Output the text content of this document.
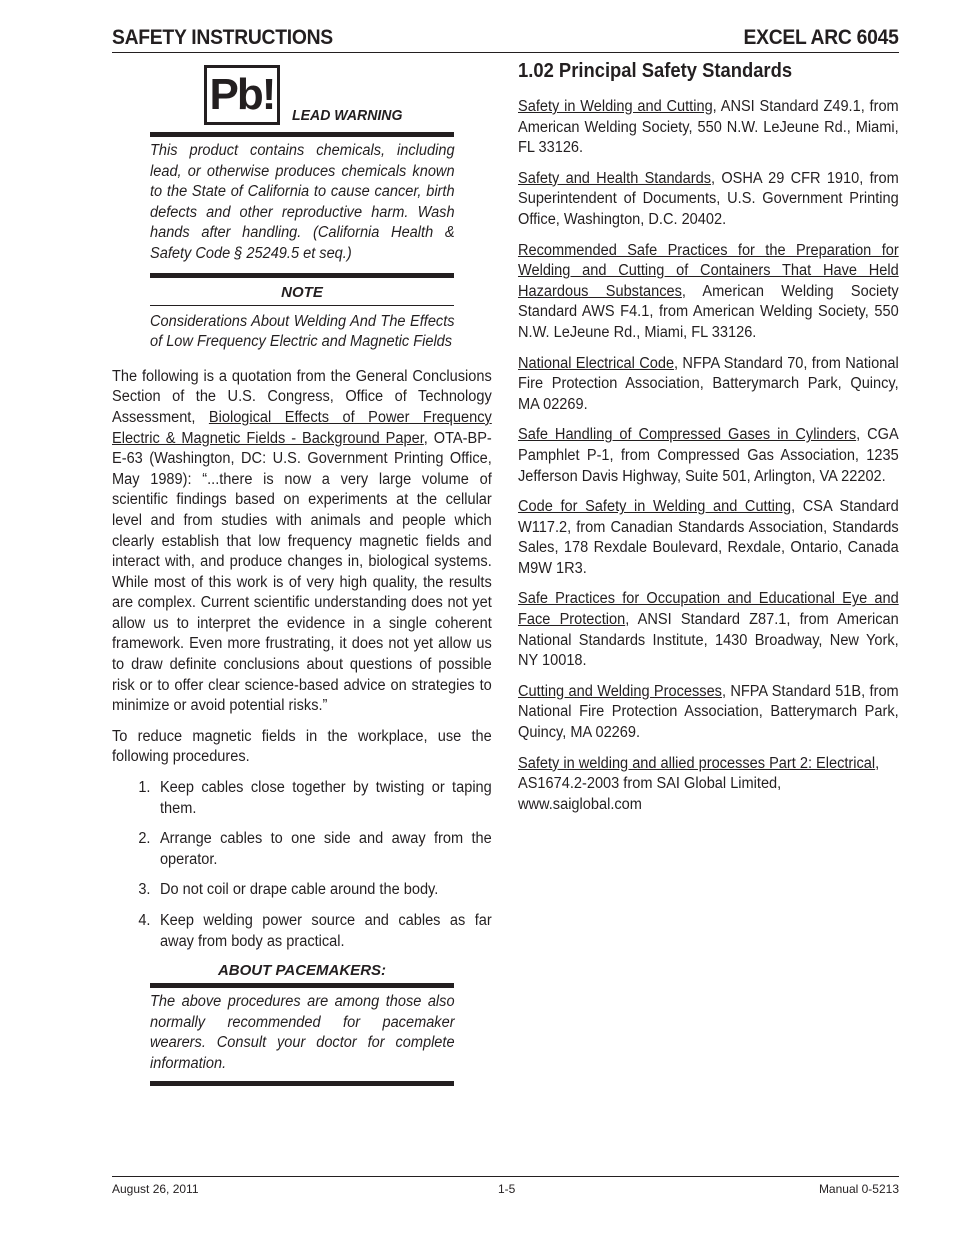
SAFETY INSTRUCTIONS	EXCEL ARC 6045
Pb!	LEAD WARNING
This product contains chemicals, including lead, or otherwise produces chemicals known to the State of California to cause cancer, birth defects and other reproductive harm. Wash hands after handling. (California Health & Safety Code § 25249.5 et seq.)
NOTE
Considerations About Welding And The Effects of Low Frequency Electric and Magnetic Fields
The following is a quotation from the General Conclusions Section of the U.S. Congress, Office of Technology Assessment, Biological Effects of Power Frequency Electric & Magnetic Fields - Background Paper, OTA-BP-E-63 (Washington, DC: U.S. Government Printing Office, May 1989): “...there is now a very large volume of scientific findings based on experiments at the cellular level and from studies with animals and people which clearly establish that low frequency magnetic fields and interact with, and produce changes in, biological systems. While most of this work is of very high quality, the results are complex. Current scientific understanding does not yet allow us to interpret the evidence in a single coherent framework. Even more frustrating, it does not yet allow us to draw definite conclusions about questions of possible risk or to offer clear science-based advice on strategies to minimize or avoid potential risks.”
To reduce magnetic fields in the workplace, use the following procedures.
1. Keep cables close together by twisting or taping them.
2. Arrange cables to one side and away from the operator.
3. Do not coil or drape cable around the body.
4. Keep welding power source and cables as far away from body as practical.
ABOUT PACEMAKERS:
The above procedures are among those also normally recommended for pacemaker wearers. Consult your doctor for complete information.
1.02 Principal Safety Standards
Safety in Welding and Cutting, ANSI Standard Z49.1, from American Welding Society, 550 N.W. LeJeune Rd., Miami, FL 33126.
Safety and Health Standards, OSHA 29 CFR 1910, from Superintendent of Documents, U.S. Government Printing Office, Washington, D.C. 20402.
Recommended Safe Practices for the Preparation for Welding and Cutting of Containers That Have Held Hazardous Substances, American Welding Society Standard AWS F4.1, from American Welding Society, 550 N.W. LeJeune Rd., Miami, FL 33126.
National Electrical Code, NFPA Standard 70, from National Fire Protection Association, Batterymarch Park, Quincy, MA 02269.
Safe Handling of Compressed Gases in Cylinders, CGA Pamphlet P-1, from Compressed Gas Association, 1235 Jefferson Davis Highway, Suite 501, Arlington, VA 22202.
Code for Safety in Welding and Cutting, CSA Standard W117.2, from Canadian Standards Association, Standards Sales, 178 Rexdale Boulevard, Rexdale, Ontario, Canada M9W 1R3.
Safe Practices for Occupation and Educational Eye and Face Protection, ANSI Standard Z87.1, from American National Standards Institute, 1430 Broadway, New York, NY 10018.
Cutting and Welding Processes, NFPA Standard 51B, from National Fire Protection Association, Batterymarch Park, Quincy, MA 02269.
Safety in welding and allied processes Part 2: Electrical, AS1674.2-2003 from SAI Global Limited, www.saiglobal.com
August 26, 2011	1-5	Manual 0-5213
